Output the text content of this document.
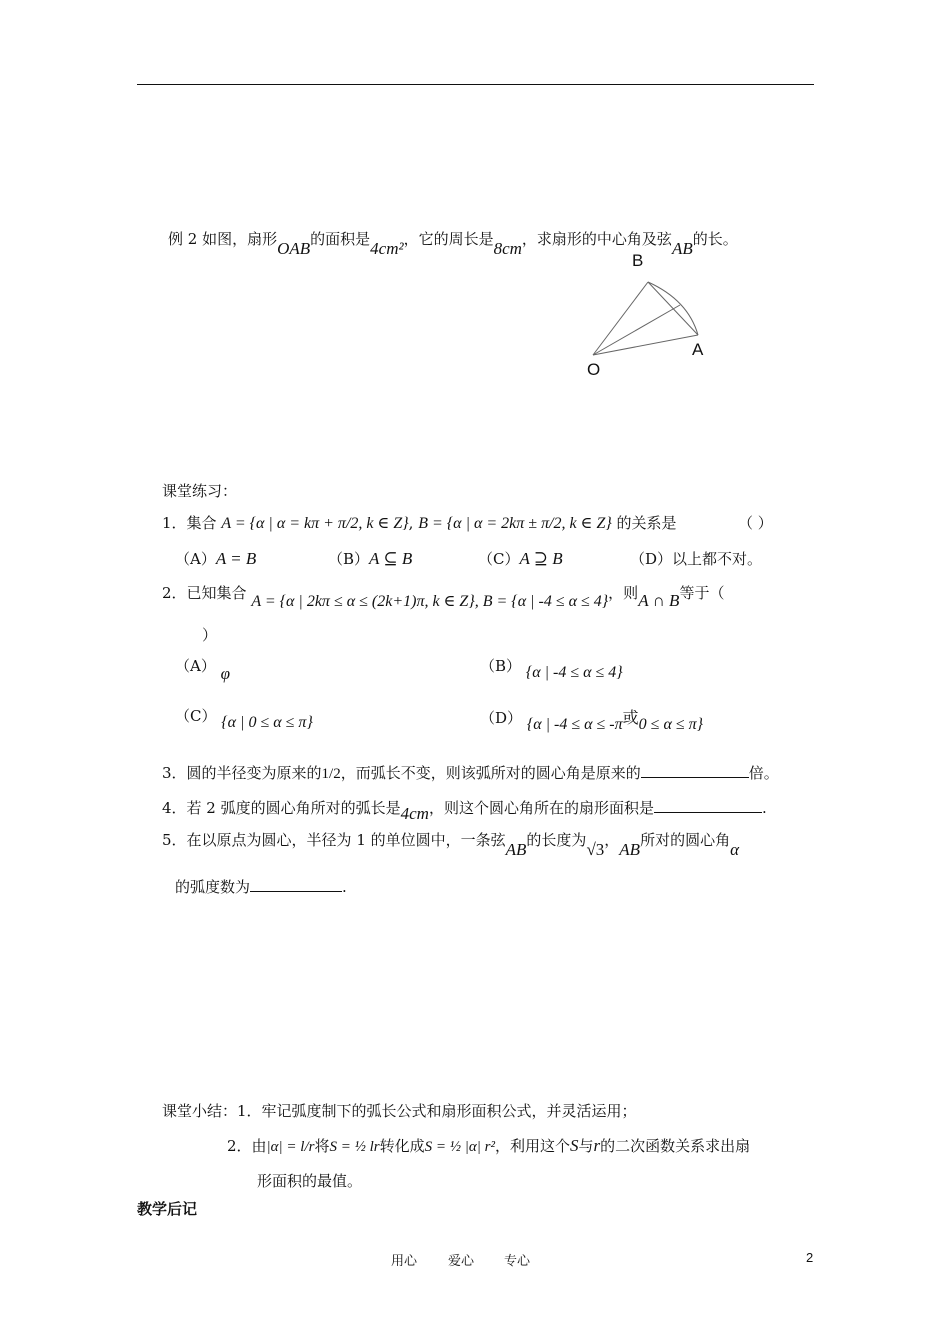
例 2 如图，扇形OAB的面积是4cm²，它的周长是8cm，求扇形的中心角及弦AB的长。
B
A
O
课堂练习：
1．集合 A = {α | α = kπ + π/2, k ∈ Z}, B = {α | α = 2kπ ± π/2, k ∈ Z} 的关系是	（ ）
（A）A = B	（B）A ⊆ B	（C）A ⊇ B	（D）以上都不对。
2．已知集合 A = {α | 2kπ ≤ α ≤ (2k+1)π, k ∈ Z}, B = {α | -4 ≤ α ≤ 4}，则A ∩ B等于（
）
（A） φ	（B） {α | -4 ≤ α ≤ 4}
（C） {α | 0 ≤ α ≤ π}	（D） {α | -4 ≤ α ≤ -π或0 ≤ α ≤ π}
3．圆的半径变为原来的1/2，而弧长不变，则该弧所对的圆心角是原来的	倍。
4．若 2 弧度的圆心角所对的弧长是4cm，则这个圆心角所在的扇形面积是	.
5．在以原点为圆心，半径为 1 的单位圆中，一条弦AB的长度为√3，AB所对的圆心角α
的弧度数为	.
课堂小结：1．牢记弧度制下的弧长公式和扇形面积公式，并灵活运用；
2．由|α| = l/r将S = ½ lr转化成S = ½ |α| r²，利用这个S与r的二次函数关系求出扇
形面积的最值。
教学后记
用心 爱心 专心	2
